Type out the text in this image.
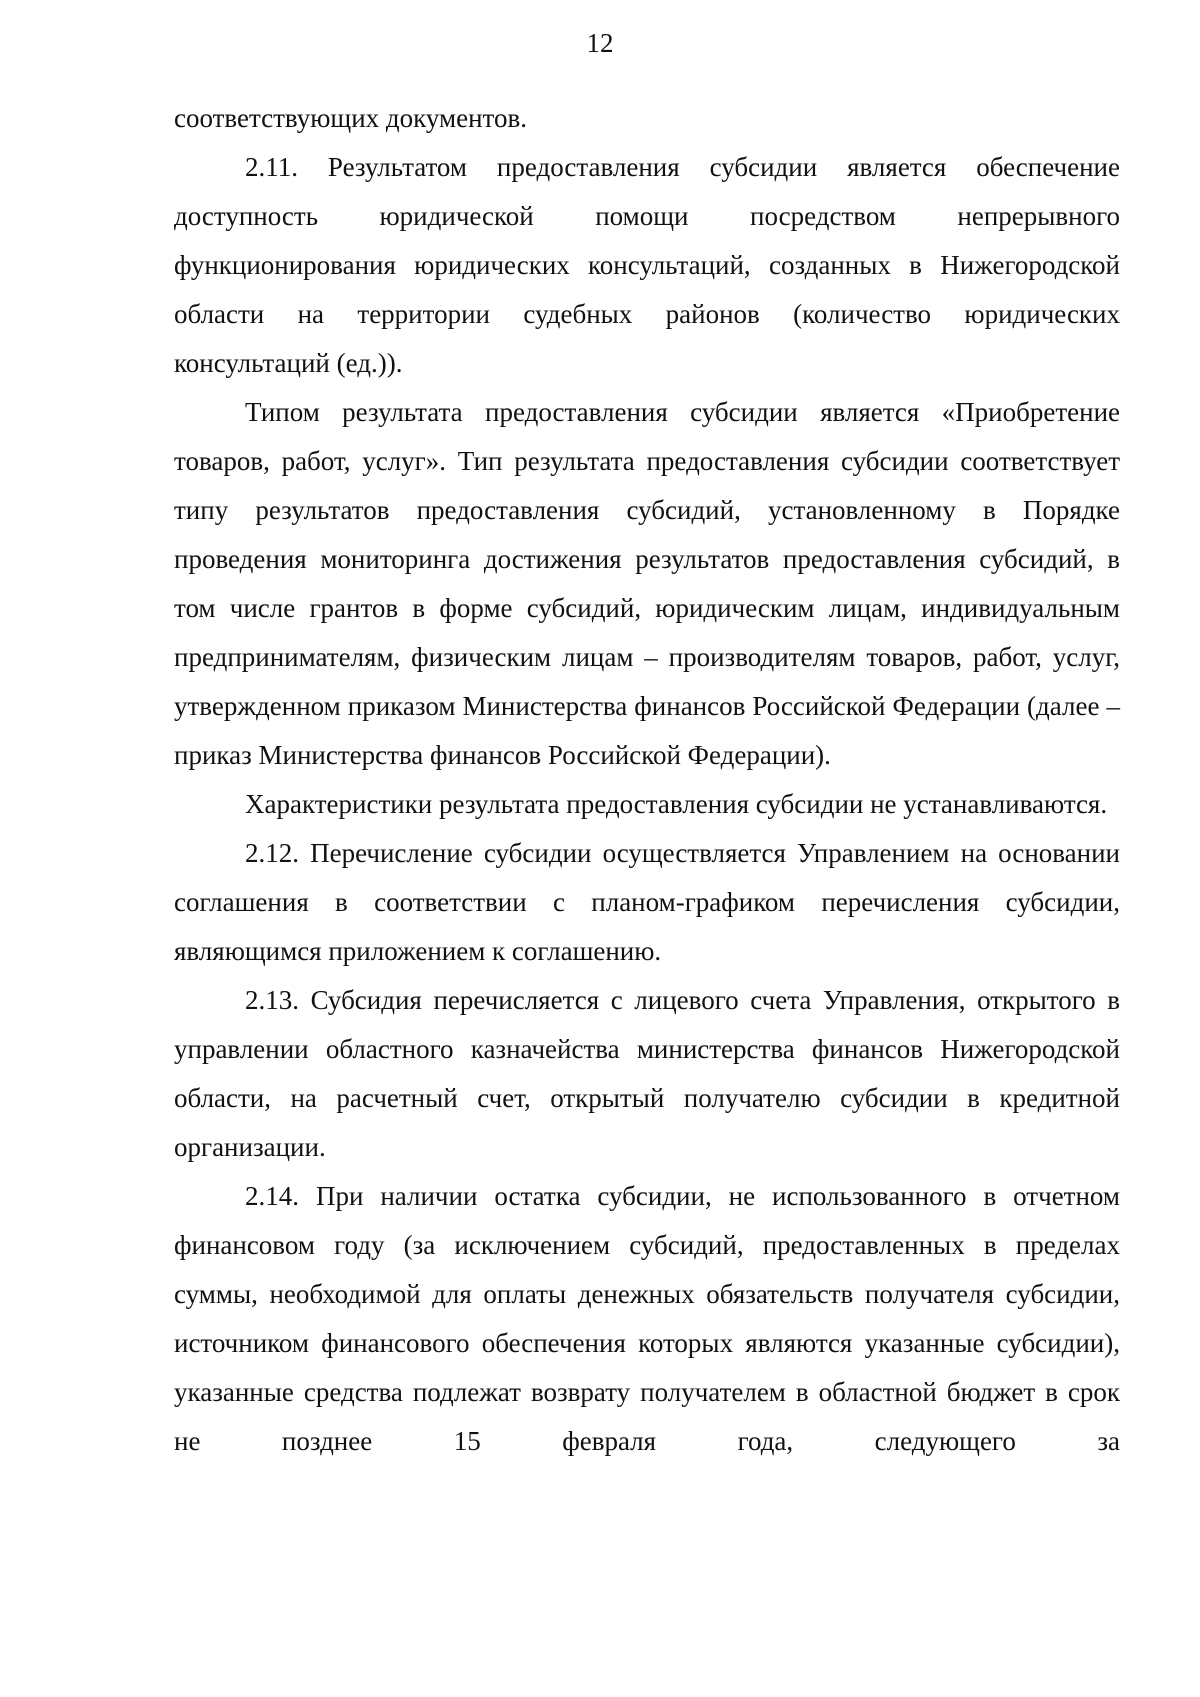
12

соответствующих документов.

2.11. Результатом предоставления субсидии является обеспечение доступность юридической помощи посредством непрерывного функционирования юридических консультаций, созданных в Нижегородской области на территории судебных районов (количество юридических консультаций (ед.)).

Типом результата предоставления субсидии является «Приобретение товаров, работ, услуг». Тип результата предоставления субсидии соответствует типу результатов предоставления субсидий, установленному в Порядке проведения мониторинга достижения результатов предоставления субсидий, в том числе грантов в форме субсидий, юридическим лицам, индивидуальным предпринимателям, физическим лицам – производителям товаров, работ, услуг, утвержденном приказом Министерства финансов Российской Федерации (далее – приказ Министерства финансов Российской Федерации).

Характеристики результата предоставления субсидии не устанавливаются.

2.12. Перечисление субсидии осуществляется Управлением на основании соглашения в соответствии с планом-графиком перечисления субсидии, являющимся приложением к соглашению.

2.13. Субсидия перечисляется с лицевого счета Управления, открытого в управлении областного казначейства министерства финансов Нижегородской области, на расчетный счет, открытый получателю субсидии в кредитной организации.

2.14. При наличии остатка субсидии, не использованного в отчетном финансовом году (за исключением субсидий, предоставленных в пределах суммы, необходимой для оплаты денежных обязательств получателя субсидии, источником финансового обеспечения которых являются указанные субсидии), указанные средства подлежат возврату получателем в областной бюджет в срок не позднее 15 февраля года, следующего за
